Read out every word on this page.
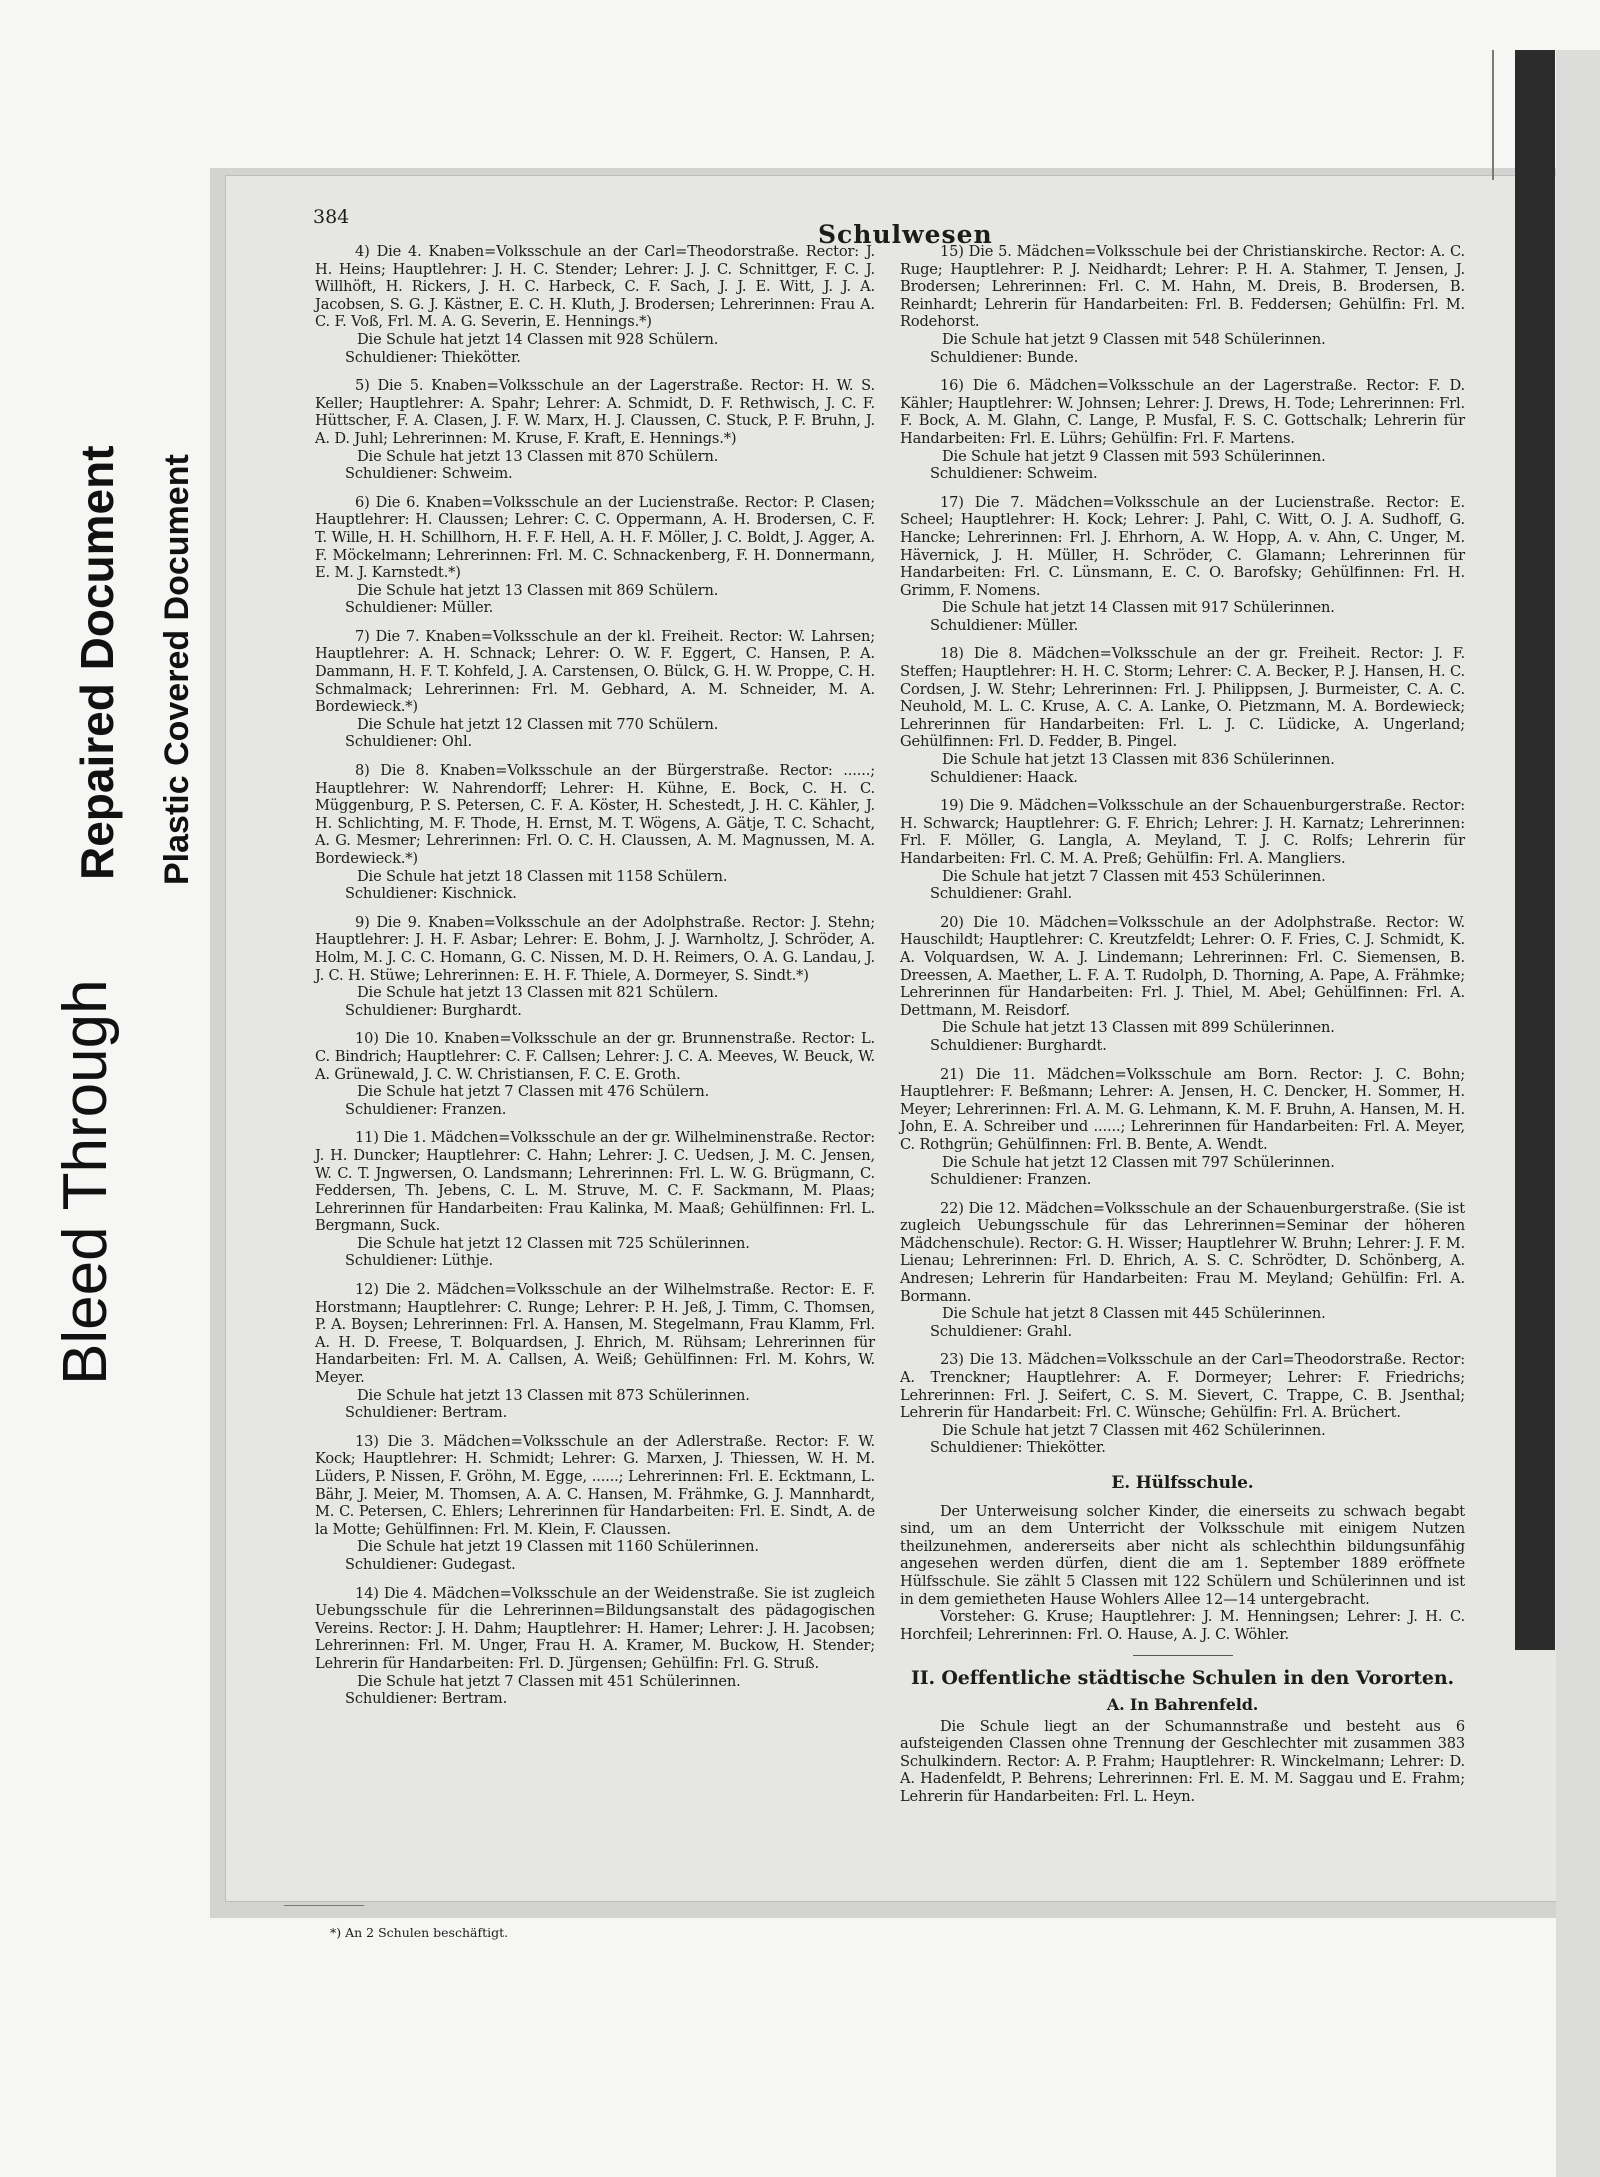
Bleed Through
Repaired Document Plastic Covered Document
384
Schulwesen
4) Die 4. Knaben=Volksschule an der Carl=Theodorstraße. Rector: J. H. Heins; Hauptlehrer: J. H. C. Stender; Lehrer: J. J. C. Schnittger, F. C. J. Willhöft, H. Rickers, J. H. C. Harbeck, C. F. Sach, J. J. E. Witt, J. J. A. Jacobsen, S. G. J. Kästner, E. C. H. Kluth, J. Brodersen; Lehrerinnen: Frau A. C. F. Voß, Frl. M. A. G. Severin, E. Hennings.*)
Die Schule hat jetzt 14 Classen mit 928 Schülern.
Schuldiener: Thiekötter.
5) Die 5. Knaben=Volksschule an der Lagerstraße. Rector: H. W. S. Keller; Hauptlehrer: A. Spahr; Lehrer: A. Schmidt, D. F. Rethwisch, J. C. F. Hüttscher, F. A. Clasen, J. F. W. Marx, H. J. Claussen, C. Stuck, P. F. Bruhn, J. A. D. Juhl; Lehrerinnen: M. Kruse, F. Kraft, E. Hennings.*)
Die Schule hat jetzt 13 Classen mit 870 Schülern.
Schuldiener: Schweim.
6) Die 6. Knaben=Volksschule an der Lucienstraße. Rector: P. Clasen; Hauptlehrer: H. Claussen; Lehrer: C. C. Oppermann, A. H. Brodersen, C. F. T. Wille, H. H. Schillhorn, H. F. F. Hell, A. H. F. Möller, J. C. Boldt, J. Agger, A. F. Möckelmann; Lehrerinnen: Frl. M. C. Schnackenberg, F. H. Donnermann, E. M. J. Karnstedt.*)
Die Schule hat jetzt 13 Classen mit 869 Schülern.
Schuldiener: Müller.
7) Die 7. Knaben=Volksschule an der kl. Freiheit. Rector: W. Lahrsen; Hauptlehrer: A. H. Schnack; Lehrer: O. W. F. Eggert, C. Hansen, P. A. Dammann, H. F. T. Kohfeld, J. A. Carstensen, O. Bülck, G. H. W. Proppe, C. H. Schmalmack; Lehrerinnen: Frl. M. Gebhard, A. M. Schneider, M. A. Bordewieck.*)
Die Schule hat jetzt 12 Classen mit 770 Schülern.
Schuldiener: Ohl.
8) Die 8. Knaben=Volksschule an der Bürgerstraße. Rector: ......; Hauptlehrer: W. Nahrendorff; Lehrer: H. Kühne, E. Bock, C. H. C. Müggenburg, P. S. Petersen, C. F. A. Köster, H. Schestedt, J. H. C. Kähler, J. H. Schlichting, M. F. Thode, H. Ernst, M. T. Wögens, A. Gätje, T. C. Schacht, A. G. Mesmer; Lehrerinnen: Frl. O. C. H. Claussen, A. M. Magnussen, M. A. Bordewieck.*)
Die Schule hat jetzt 18 Classen mit 1158 Schülern.
Schuldiener: Kischnick.
9) Die 9. Knaben=Volksschule an der Adolphstraße. Rector: J. Stehn; Hauptlehrer: J. H. F. Asbar; Lehrer: E. Bohm, J. J. Warnholtz, J. Schröder, A. Holm, M. J. C. C. Homann, G. C. Nissen, M. D. H. Reimers, O. A. G. Landau, J. J. C. H. Stüwe; Lehrerinnen: E. H. F. Thiele, A. Dormeyer, S. Sindt.*)
Die Schule hat jetzt 13 Classen mit 821 Schülern.
Schuldiener: Burghardt.
10) Die 10. Knaben=Volksschule an der gr. Brunnenstraße. Rector: L. C. Bindrich; Hauptlehrer: C. F. Callsen; Lehrer: J. C. A. Meeves, W. Beuck, W. A. Grünewald, J. C. W. Christiansen, F. C. E. Groth.
Die Schule hat jetzt 7 Classen mit 476 Schülern.
Schuldiener: Franzen.
11) Die 1. Mädchen=Volksschule an der gr. Wilhelminenstraße. Rector: J. H. Duncker; Hauptlehrer: C. Hahn; Lehrer: J. C. Uedsen, J. M. C. Jensen, W. C. T. Jngwersen, O. Landsmann; Lehrerinnen: Frl. L. W. G. Brügmann, C. Feddersen, Th. Jebens, C. L. M. Struve, M. C. F. Sackmann, M. Plaas; Lehrerinnen für Handarbeiten: Frau Kalinka, M. Maaß; Gehülfinnen: Frl. L. Bergmann, Suck.
Die Schule hat jetzt 12 Classen mit 725 Schülerinnen.
Schuldiener: Lüthje.
12) Die 2. Mädchen=Volksschule an der Wilhelmstraße. Rector: E. F. Horstmann; Hauptlehrer: C. Runge; Lehrer: P. H. Jeß, J. Timm, C. Thomsen, P. A. Boysen; Lehrerinnen: Frl. A. Hansen, M. Stegelmann, Frau Klamm, Frl. A. H. D. Freese, T. Bolquardsen, J. Ehrich, M. Rühsam; Lehrerinnen für Handarbeiten: Frl. M. A. Callsen, A. Weiß; Gehülfinnen: Frl. M. Kohrs, W. Meyer.
Die Schule hat jetzt 13 Classen mit 873 Schülerinnen.
Schuldiener: Bertram.
13) Die 3. Mädchen=Volksschule an der Adlerstraße. Rector: F. W. Kock; Hauptlehrer: H. Schmidt; Lehrer: G. Marxen, J. Thiessen, W. H. M. Lüders, P. Nissen, F. Gröhn, M. Egge, ......; Lehrerinnen: Frl. E. Ecktmann, L. Bähr, J. Meier, M. Thomsen, A. A. C. Hansen, M. Frähmke, G. J. Mannhardt, M. C. Petersen, C. Ehlers; Lehrerinnen für Handarbeiten: Frl. E. Sindt, A. de la Motte; Gehülfinnen: Frl. M. Klein, F. Claussen.
Die Schule hat jetzt 19 Classen mit 1160 Schülerinnen.
Schuldiener: Gudegast.
14) Die 4. Mädchen=Volksschule an der Weidenstraße. Sie ist zugleich Uebungsschule für die Lehrerinnen=Bildungsanstalt des pädagogischen Vereins. Rector: J. H. Dahm; Hauptlehrer: H. Hamer; Lehrer: J. H. Jacobsen; Lehrerinnen: Frl. M. Unger, Frau H. A. Kramer, M. Buckow, H. Stender; Lehrerin für Handarbeiten: Frl. D. Jürgensen; Gehülfin: Frl. G. Struß.
Die Schule hat jetzt 7 Classen mit 451 Schülerinnen.
Schuldiener: Bertram.
15) Die 5. Mädchen=Volksschule bei der Christianskirche. Rector: A. C. Ruge; Hauptlehrer: P. J. Neidhardt; Lehrer: P. H. A. Stahmer, T. Jensen, J. Brodersen; Lehrerinnen: Frl. C. M. Hahn, M. Dreis, B. Brodersen, B. Reinhardt; Lehrerin für Handarbeiten: Frl. B. Feddersen; Gehülfin: Frl. M. Rodehorst.
Die Schule hat jetzt 9 Classen mit 548 Schülerinnen.
Schuldiener: Bunde.
16) Die 6. Mädchen=Volksschule an der Lagerstraße. Rector: F. D. Kähler; Hauptlehrer: W. Johnsen; Lehrer: J. Drews, H. Tode; Lehrerinnen: Frl. F. Bock, A. M. Glahn, C. Lange, P. Musfal, F. S. C. Gottschalk; Lehrerin für Handarbeiten: Frl. E. Lührs; Gehülfin: Frl. F. Martens.
Die Schule hat jetzt 9 Classen mit 593 Schülerinnen.
Schuldiener: Schweim.
17) Die 7. Mädchen=Volksschule an der Lucienstraße. Rector: E. Scheel; Hauptlehrer: H. Kock; Lehrer: J. Pahl, C. Witt, O. J. A. Sudhoff, G. Hancke; Lehrerinnen: Frl. J. Ehrhorn, A. W. Hopp, A. v. Ahn, C. Unger, M. Hävernick, J. H. Müller, H. Schröder, C. Glamann; Lehrerinnen für Handarbeiten: Frl. C. Lünsmann, E. C. O. Barofsky; Gehülfinnen: Frl. H. Grimm, F. Nomens.
Die Schule hat jetzt 14 Classen mit 917 Schülerinnen.
Schuldiener: Müller.
18) Die 8. Mädchen=Volksschule an der gr. Freiheit. Rector: J. F. Steffen; Hauptlehrer: H. H. C. Storm; Lehrer: C. A. Becker, P. J. Hansen, H. C. Cordsen, J. W. Stehr; Lehrerinnen: Frl. J. Philippsen, J. Burmeister, C. A. C. Neuhold, M. L. C. Kruse, A. C. A. Lanke, O. Pietzmann, M. A. Bordewieck; Lehrerinnen für Handarbeiten: Frl. L. J. C. Lüdicke, A. Ungerland; Gehülfinnen: Frl. D. Fedder, B. Pingel.
Die Schule hat jetzt 13 Classen mit 836 Schülerinnen.
Schuldiener: Haack.
19) Die 9. Mädchen=Volksschule an der Schauenburgerstraße. Rector: H. Schwarck; Hauptlehrer: G. F. Ehrich; Lehrer: J. H. Karnatz; Lehrerinnen: Frl. F. Möller, G. Langla, A. Meyland, T. J. C. Rolfs; Lehrerin für Handarbeiten: Frl. C. M. A. Preß; Gehülfin: Frl. A. Mangliers.
Die Schule hat jetzt 7 Classen mit 453 Schülerinnen.
Schuldiener: Grahl.
20) Die 10. Mädchen=Volksschule an der Adolphstraße. Rector: W. Hauschildt; Hauptlehrer: C. Kreutzfeldt; Lehrer: O. F. Fries, C. J. Schmidt, K. A. Volquardsen, W. A. J. Lindemann; Lehrerinnen: Frl. C. Siemensen, B. Dreessen, A. Maether, L. F. A. T. Rudolph, D. Thorning, A. Pape, A. Frähmke; Lehrerinnen für Handarbeiten: Frl. J. Thiel, M. Abel; Gehülfinnen: Frl. A. Dettmann, M. Reisdorf.
Die Schule hat jetzt 13 Classen mit 899 Schülerinnen.
Schuldiener: Burghardt.
21) Die 11. Mädchen=Volksschule am Born. Rector: J. C. Bohn; Hauptlehrer: F. Beßmann; Lehrer: A. Jensen, H. C. Dencker, H. Sommer, H. Meyer; Lehrerinnen: Frl. A. M. G. Lehmann, K. M. F. Bruhn, A. Hansen, M. H. John, E. A. Schreiber und ......; Lehrerinnen für Handarbeiten: Frl. A. Meyer, C. Rothgrün; Gehülfinnen: Frl. B. Bente, A. Wendt.
Die Schule hat jetzt 12 Classen mit 797 Schülerinnen.
Schuldiener: Franzen.
22) Die 12. Mädchen=Volksschule an der Schauenburgerstraße. (Sie ist zugleich Uebungsschule für das Lehrerinnen=Seminar der höheren Mädchenschule). Rector: G. H. Wisser; Hauptlehrer W. Bruhn; Lehrer: J. F. M. Lienau; Lehrerinnen: Frl. D. Ehrich, A. S. C. Schrödter, D. Schönberg, A. Andresen; Lehrerin für Handarbeiten: Frau M. Meyland; Gehülfin: Frl. A. Bormann.
Die Schule hat jetzt 8 Classen mit 445 Schülerinnen.
Schuldiener: Grahl.
23) Die 13. Mädchen=Volksschule an der Carl=Theodorstraße. Rector: A. Trenckner; Hauptlehrer: A. F. Dormeyer; Lehrer: F. Friedrichs; Lehrerinnen: Frl. J. Seifert, C. S. M. Sievert, C. Trappe, C. B. Jsenthal; Lehrerin für Handarbeit: Frl. C. Wünsche; Gehülfin: Frl. A. Brüchert.
Die Schule hat jetzt 7 Classen mit 462 Schülerinnen.
Schuldiener: Thiekötter.
E. Hülfsschule.
Der Unterweisung solcher Kinder, die einerseits zu schwach begabt sind, um an dem Unterricht der Volksschule mit einigem Nutzen theilzunehmen, andererseits aber nicht als schlechthin bildungsunfähig angesehen werden dürfen, dient die am 1. September 1889 eröffnete Hülfsschule. Sie zählt 5 Classen mit 122 Schülern und Schülerinnen und ist in dem gemietheten Hause Wohlers Allee 12—14 untergebracht.
Vorsteher: G. Kruse; Hauptlehrer: J. M. Henningsen; Lehrer: J. H. C. Horchfeil; Lehrerinnen: Frl. O. Hause, A. J. C. Wöhler.
II. Oeffentliche städtische Schulen in den Vororten.
A. In Bahrenfeld.
Die Schule liegt an der Schumannstraße und besteht aus 6 aufsteigenden Classen ohne Trennung der Geschlechter mit zusammen 383 Schulkindern. Rector: A. P. Frahm; Hauptlehrer: R. Winckelmann; Lehrer: D. A. Hadenfeldt, P. Behrens; Lehrerinnen: Frl. E. M. M. Saggau und E. Frahm; Lehrerin für Handarbeiten: Frl. L. Heyn.
*) An 2 Schulen beschäftigt.
